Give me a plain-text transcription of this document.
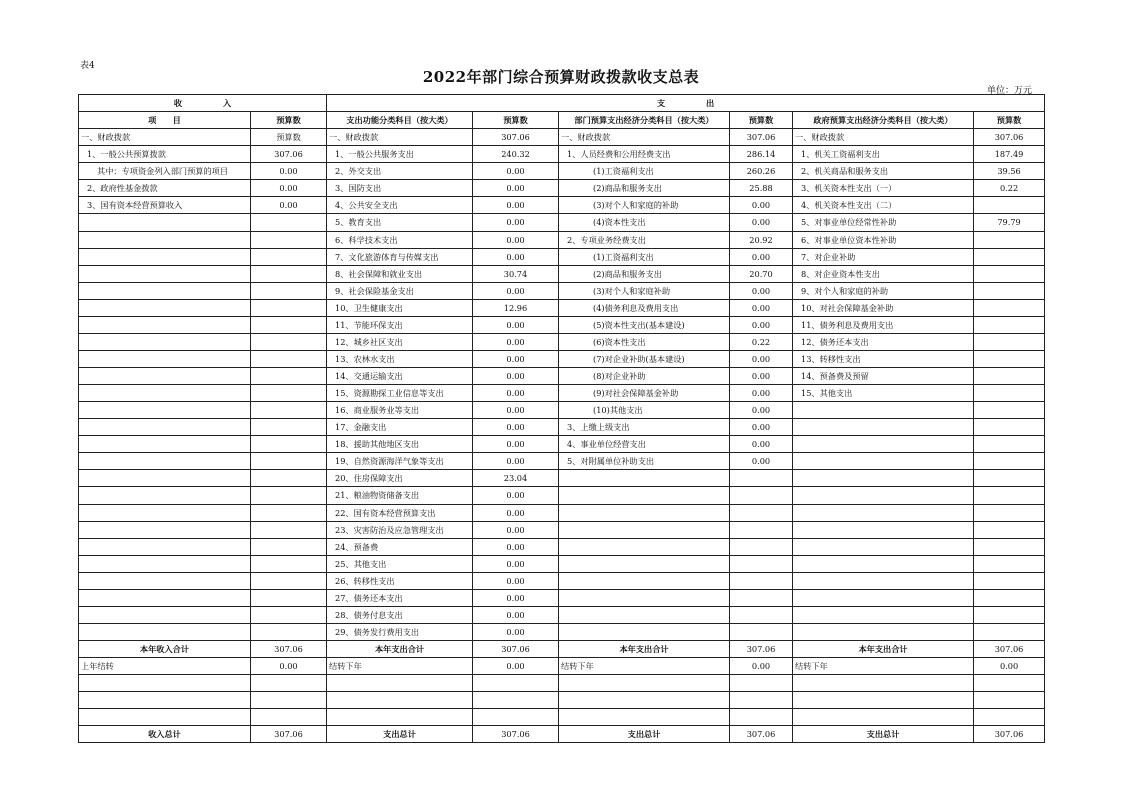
表4
2022年部门综合预算财政拨款收支总表
单位：万元
收　　　　　入		支　　　　　出					
项　　目	预算数	支出功能分类科目（按大类）	预算数	部门预算支出经济分类科目（按大类）	预算数	政府预算支出经济分类科目（按大类）	预算数
一、财政拨款	预算数	一、财政拨款	307.06	一、财政拨款	307.06	一、财政拨款	307.06
1、一般公共预算拨款	307.06	1、一般公共服务支出	240.32	1、人员经费和公用经费支出	286.14	1、机关工资福利支出	187.49
其中：专项资金列入部门预算的项目	0.00	2、外交支出	0.00	(1)工资福利支出	260.26	2、机关商品和服务支出	39.56
2、政府性基金拨款	0.00	3、国防支出	0.00	(2)商品和服务支出	25.88	3、机关资本性支出（一）	0.22
3、国有资本经营预算收入	0.00	4、公共安全支出	0.00	(3)对个人和家庭的补助	0.00	4、机关资本性支出（二）	
		5、教育支出	0.00	(4)资本性支出	0.00	5、对事业单位经常性补助	79.79
		6、科学技术支出	0.00	2、专项业务经费支出	20.92	6、对事业单位资本性补助	
		7、文化旅游体育与传媒支出	0.00	(1)工资福利支出	0.00	7、对企业补助	
		8、社会保障和就业支出	30.74	(2)商品和服务支出	20.70	8、对企业资本性支出	
		9、社会保险基金支出	0.00	(3)对个人和家庭补助	0.00	9、对个人和家庭的补助	
		10、卫生健康支出	12.96	(4)债务利息及费用支出	0.00	10、对社会保障基金补助	
		11、节能环保支出	0.00	(5)资本性支出(基本建设)	0.00	11、债务利息及费用支出	
		12、城乡社区支出	0.00	(6)资本性支出	0.22	12、债务还本支出	
		13、农林水支出	0.00	(7)对企业补助(基本建设)	0.00	13、转移性支出	
		14、交通运输支出	0.00	(8)对企业补助	0.00	14、预备费及预留	
		15、资源勘探工业信息等支出	0.00	(9)对社会保障基金补助	0.00	15、其他支出	
		16、商业服务业等支出	0.00	(10)其他支出	0.00		
		17、金融支出	0.00	3、上缴上级支出	0.00		
		18、援助其他地区支出	0.00	4、事业单位经营支出	0.00		
		19、自然资源海洋气象等支出	0.00	5、对附属单位补助支出	0.00		
		20、住房保障支出	23.04				
		21、粮油物资储备支出	0.00				
		22、国有资本经营预算支出	0.00				
		23、灾害防治及应急管理支出	0.00				
		24、预备费	0.00				
		25、其他支出	0.00				
		26、转移性支出	0.00				
		27、债务还本支出	0.00				
		28、债务付息支出	0.00				
		29、债务发行费用支出	0.00				
本年收入合计	307.06	本年支出合计	307.06	本年支出合计	307.06	本年支出合计	307.06
上年结转	0.00	结转下年	0.00	结转下年	0.00	结转下年	0.00

收入总计	307.06	支出总计	307.06	支出总计	307.06	支出总计	307.06
